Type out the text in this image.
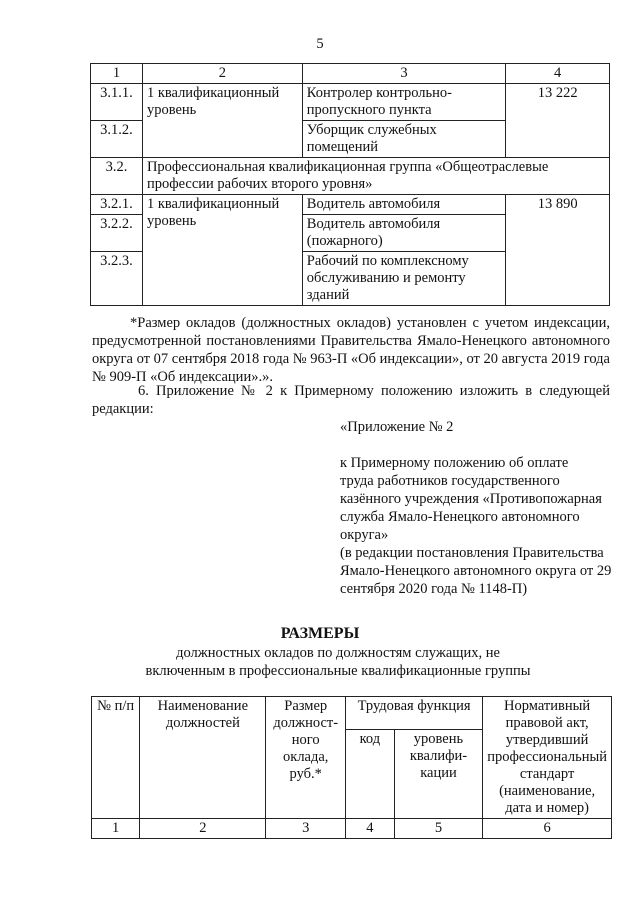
5
1	2	3	4
3.1.1.	1 квалификационный уровень	Контролер контрольно-пропускного пункта	13 222
3.1.2.		Уборщик служебных помещений	
3.2.	Профессиональная квалификационная группа «Общеотраслевые профессии рабочих второго уровня»		
3.2.1.	1 квалификационный уровень	Водитель автомобиля	13 890
3.2.2.		Водитель автомобиля (пожарного)	
3.2.3.		Рабочий по комплексному обслуживанию и ремонту зданий	
*Размер окладов (должностных окладов) установлен с учетом индексации, предусмотренной постановлениями Правительства Ямало-Ненецкого автономного округа от 07 сентября 2018 года № 963-П «Об индексации», от 20 августа 2019 года № 909-П «Об индексации».».
6. Приложение № 2 к Примерному положению изложить в следующей редакции:
«Приложение № 2
к Примерному положению об оплате труда работников государственного казённого учреждения «Противопожарная служба Ямало-Ненецкого автономного округа»
(в редакции постановления Правительства Ямало-Ненецкого автономного округа от 29 сентября 2020 года № 1148-П)
РАЗМЕРЫ
должностных окладов по должностям служащих, не включенным в профессиональные квалификационные группы
№ п/п	Наименование должностей	Размер должност-ного оклада, руб.*	Трудовая функция		Нормативный правовой акт, утвердивший профессиональный стандарт (наименование, дата и номер)
			код	уровень квалифи-кации	
1	2	3	4	5	6
